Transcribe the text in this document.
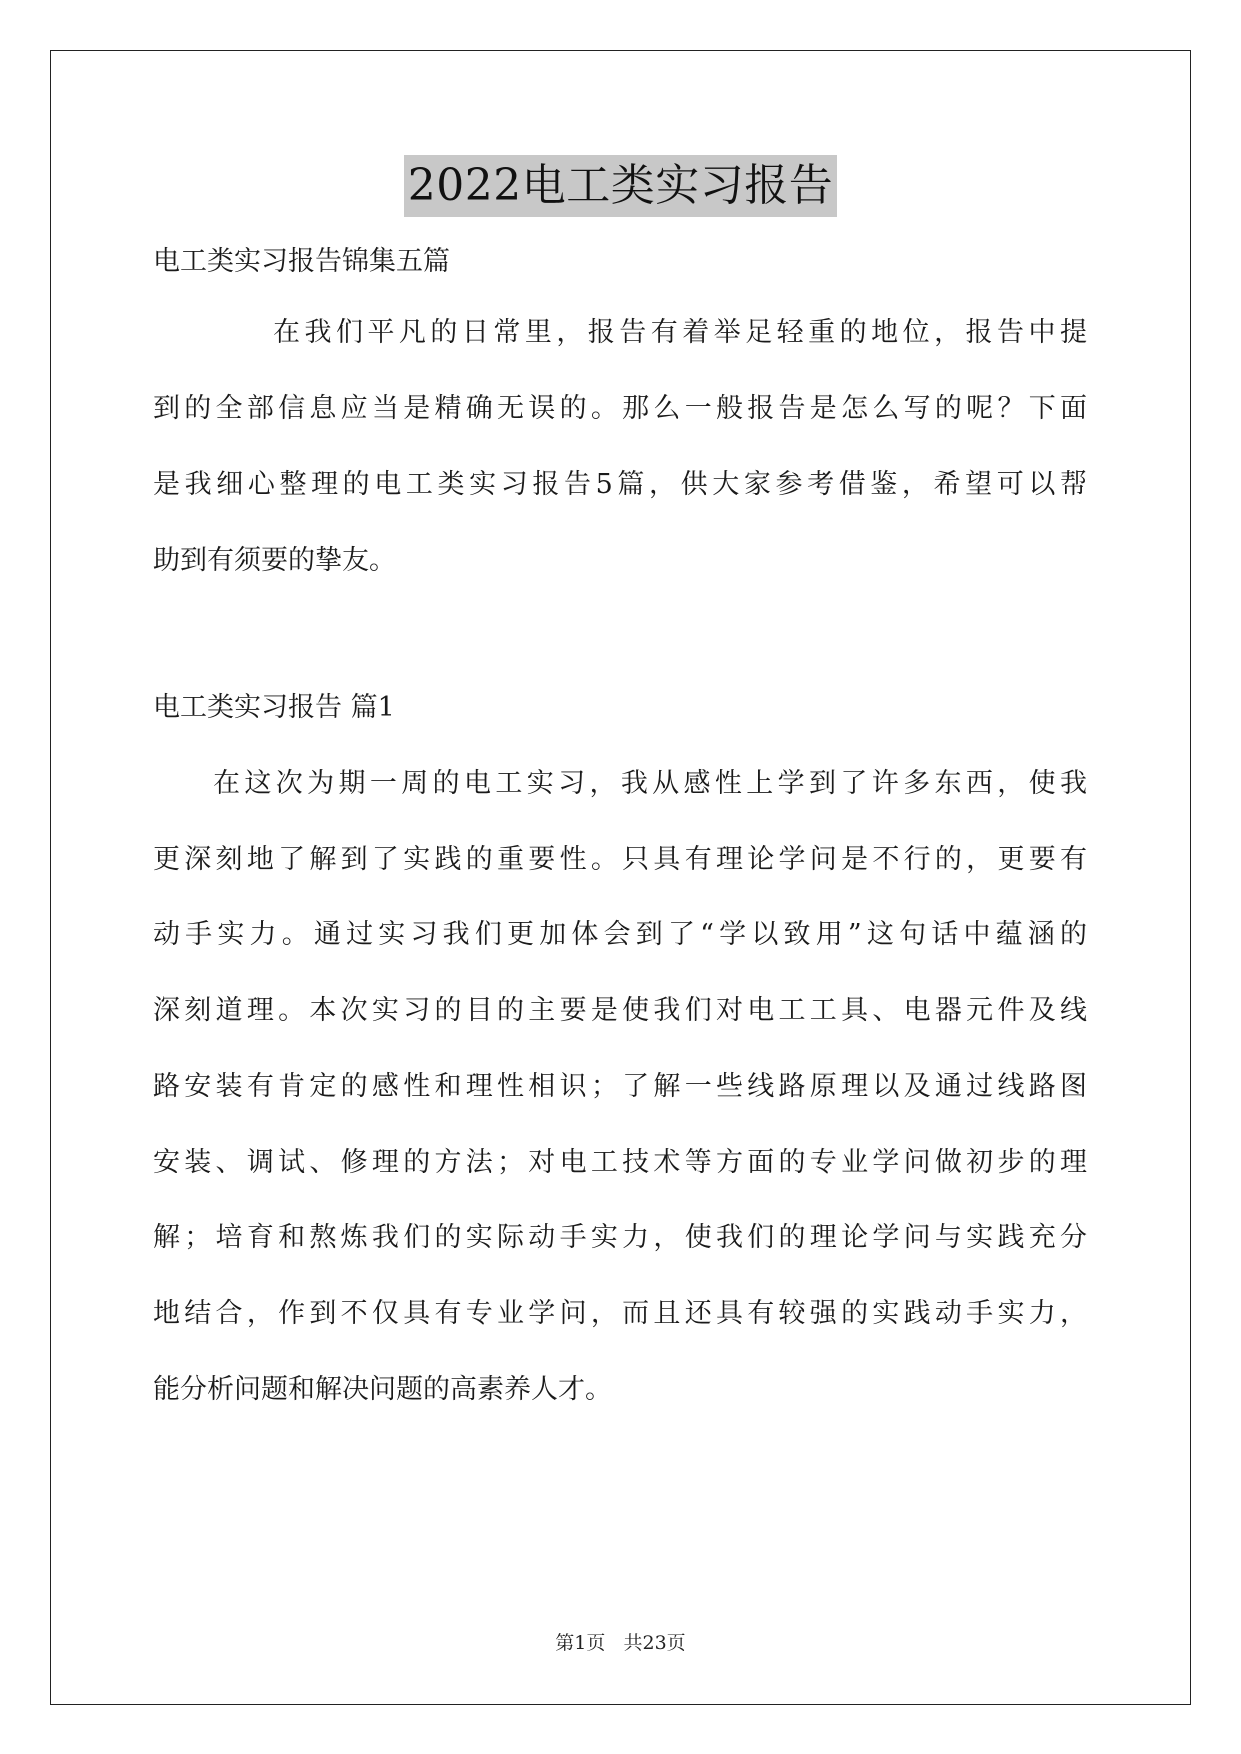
2022电工类实习报告
电工类实习报告锦集五篇
在我们平凡的日常里，报告有着举足轻重的地位，报告中提
到的全部信息应当是精确无误的。那么一般报告是怎么写的呢？下面
是我细心整理的电工类实习报告5篇，供大家参考借鉴，希望可以帮
助到有须要的挚友。
电工类实习报告 篇1
在这次为期一周的电工实习，我从感性上学到了许多东西，使我
更深刻地了解到了实践的重要性。只具有理论学问是不行的，更要有
动手实力。通过实习我们更加体会到了“学以致用”这句话中蕴涵的
深刻道理。本次实习的目的主要是使我们对电工工具、电器元件及线
路安装有肯定的感性和理性相识；了解一些线路原理以及通过线路图
安装、调试、修理的方法；对电工技术等方面的专业学问做初步的理
解；培育和熬炼我们的实际动手实力，使我们的理论学问与实践充分
地结合，作到不仅具有专业学问，而且还具有较强的实践动手实力，
能分析问题和解决问题的高素养人才。
第1页   共23页
